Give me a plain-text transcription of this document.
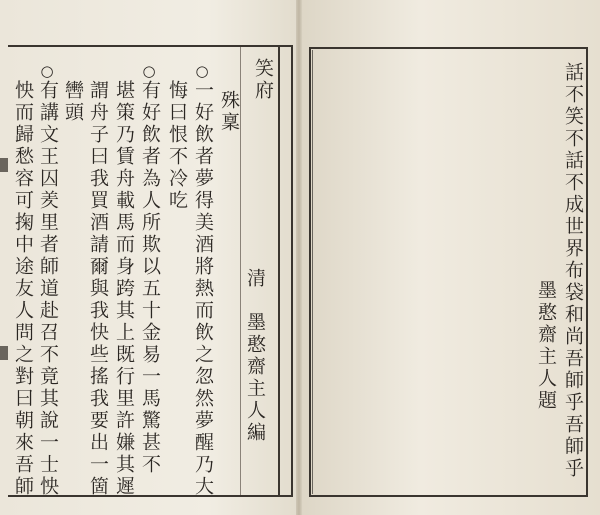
笑府
清
墨憨齋主人編
殊稟
○
一好飲者夢得美酒將熱而飲之忽然夢醒乃大
悔曰恨不冷吃
○
有好飲者為人所欺以五十金易一馬驚甚不
堪策乃賃舟載馬而身跨其上既行里許嫌其遲
謂舟子曰我買酒請爾與我快些搖我要出一箇
轡頭
○
有講文王囚羑里者師道赴召不竟其說一士怏
怏而歸愁容可掬中途友人問之對曰朝來吾師	話不笑不話不成世界布袋和尚吾師乎吾師乎
墨憨齋主人題
